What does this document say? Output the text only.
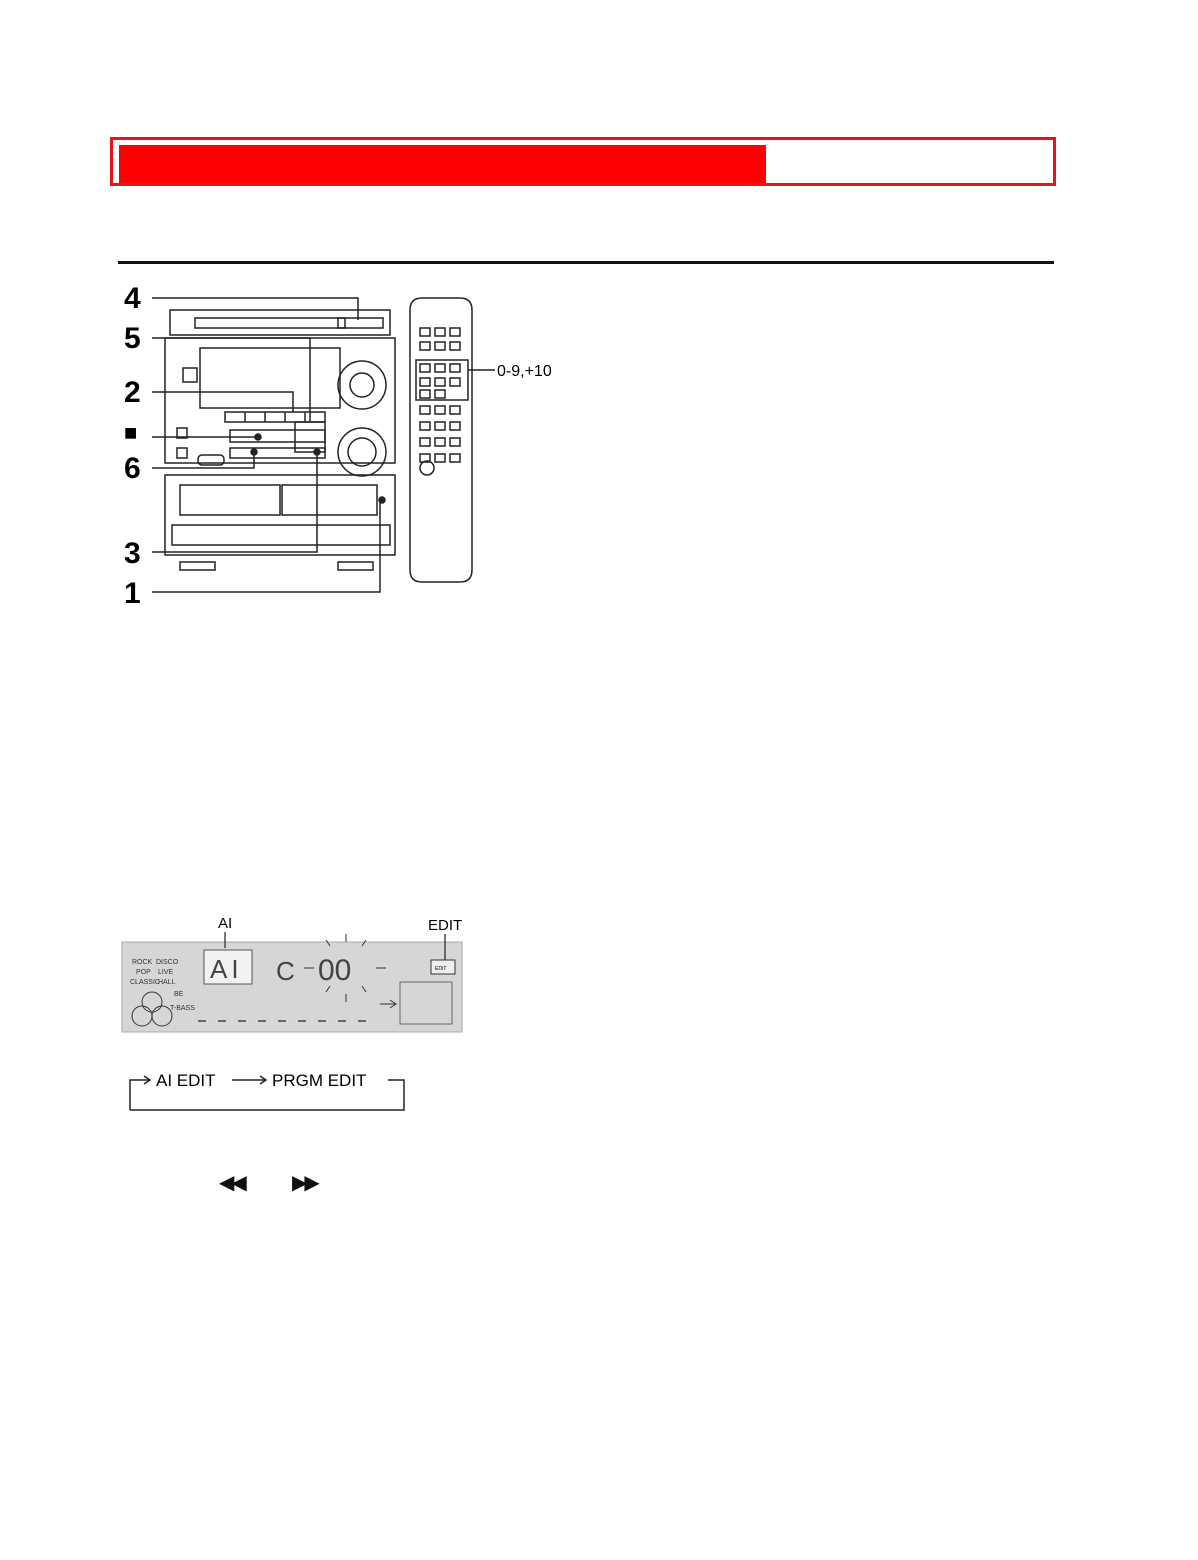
4
5
2
■
6
3
1
0-9,+10
AI	EDIT
ROCK DISCO
POP LIVE
CLASSIC
HALL
BE
T-BASS
AI C 00	EDIT
AI EDIT	PRGM EDIT
◀◀ ▶▶
